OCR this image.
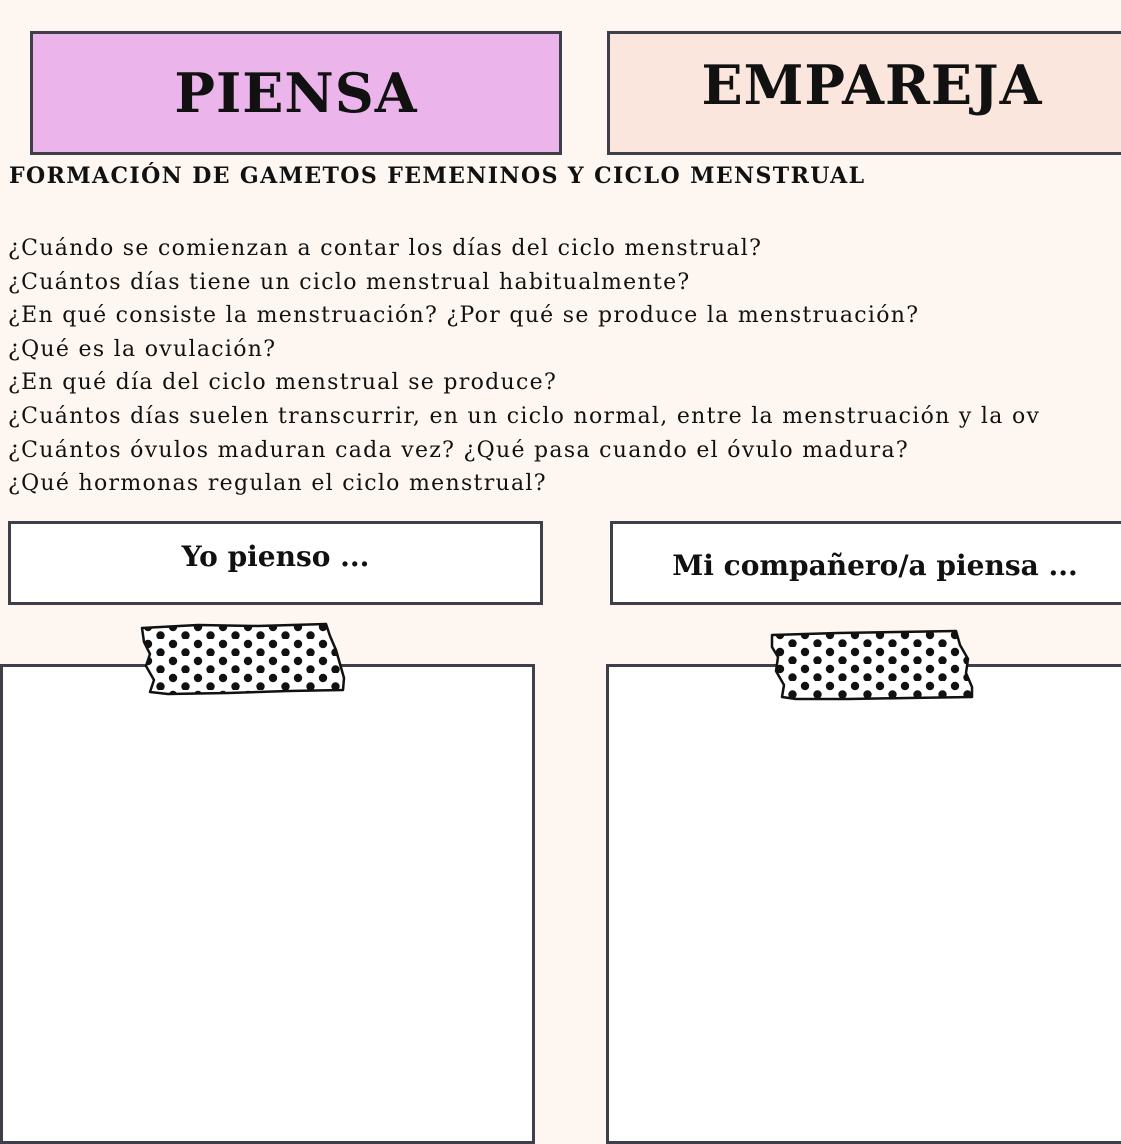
PIENSA	EMPAREJA
FORMACIÓN DE GAMETOS FEMENINOS Y CICLO MENSTRUAL
¿Cuándo se comienzan a contar los días del ciclo menstrual?
¿Cuántos días tiene un ciclo menstrual habitualmente?
¿En qué consiste la menstruación? ¿Por qué se produce la menstruación?
¿Qué es la ovulación?
¿En qué día del ciclo menstrual se produce?
¿Cuántos días suelen transcurrir, en un ciclo normal, entre la menstruación y la ov
¿Cuántos óvulos maduran cada vez? ¿Qué pasa cuando el óvulo madura?
¿Qué hormonas regulan el ciclo menstrual?
Yo pienso ...	Mi compañero/a piensa ...
